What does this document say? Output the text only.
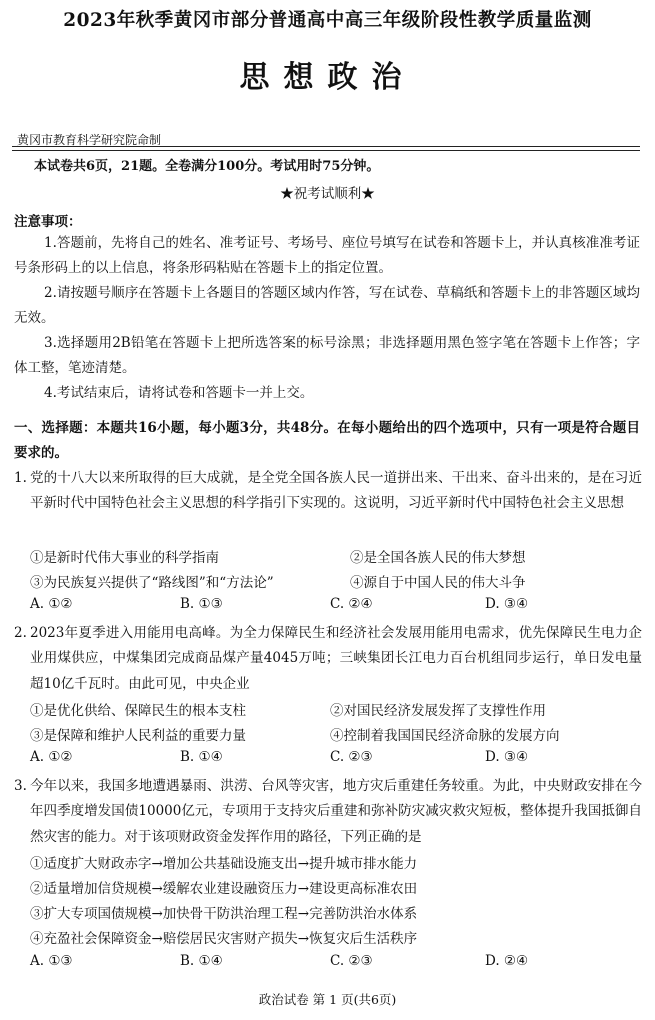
2023年秋季黄冈市部分普通高中高三年级阶段性教学质量监测
思想政治
黄冈市教育科学研究院命制
本试卷共6页，21题。全卷满分100分。考试用时75分钟。
★祝考试顺利★
注意事项：
1.答题前，先将自己的姓名、准考证号、考场号、座位号填写在试卷和答题卡上，并认真核准准考证号条形码上的以上信息，将条形码粘贴在答题卡上的指定位置。
2.请按题号顺序在答题卡上各题目的答题区域内作答，写在试卷、草稿纸和答题卡上的非答题区域均无效。
3.选择题用2B铅笔在答题卡上把所选答案的标号涂黑；非选择题用黑色签字笔在答题卡上作答；字体工整，笔迹清楚。
4.考试结束后，请将试卷和答题卡一并上交。
一、选择题：本题共16小题，每小题3分，共48分。在每小题给出的四个选项中，只有一项是符合题目要求的。
1. 党的十八大以来所取得的巨大成就，是全党全国各族人民一道拼出来、干出来、奋斗出来的，是在习近平新时代中国特色社会主义思想的科学指引下实现的。这说明，习近平新时代中国特色社会主义思想
①是新时代伟大事业的科学指南	②是全国各族人民的伟大梦想
③为民族复兴提供了“路线图”和“方法论”	④源自于中国人民的伟大斗争
A. ①②	B. ①③	C. ②④	D. ③④
2. 2023年夏季进入用能用电高峰。为全力保障民生和经济社会发展用能用电需求，优先保障民生电力企业用煤供应，中煤集团完成商品煤产量4045万吨；三峡集团长江电力百台机组同步运行，单日发电量超10亿千瓦时。由此可见，中央企业
①是优化供给、保障民生的根本支柱	②对国民经济发展发挥了支撑性作用
③是保障和维护人民利益的重要力量	④控制着我国国民经济命脉的发展方向
A. ①②	B. ①④	C. ②③	D. ③④
3. 今年以来，我国多地遭遇暴雨、洪涝、台风等灾害，地方灾后重建任务较重。为此，中央财政安排在今年四季度增发国债10000亿元，专项用于支持灾后重建和弥补防灾减灾救灾短板，整体提升我国抵御自然灾害的能力。对于该项财政资金发挥作用的路径，下列正确的是
①适度扩大财政赤字→增加公共基础设施支出→提升城市排水能力
②适量增加信贷规模→缓解农业建设融资压力→建设更高标准农田
③扩大专项国债规模→加快骨干防洪治理工程→完善防洪治水体系
④充盈社会保障资金→赔偿居民灾害财产损失→恢复灾后生活秩序
A. ①③	B. ①④	C. ②③	D. ②④
政治试卷 第 1 页(共6页)
